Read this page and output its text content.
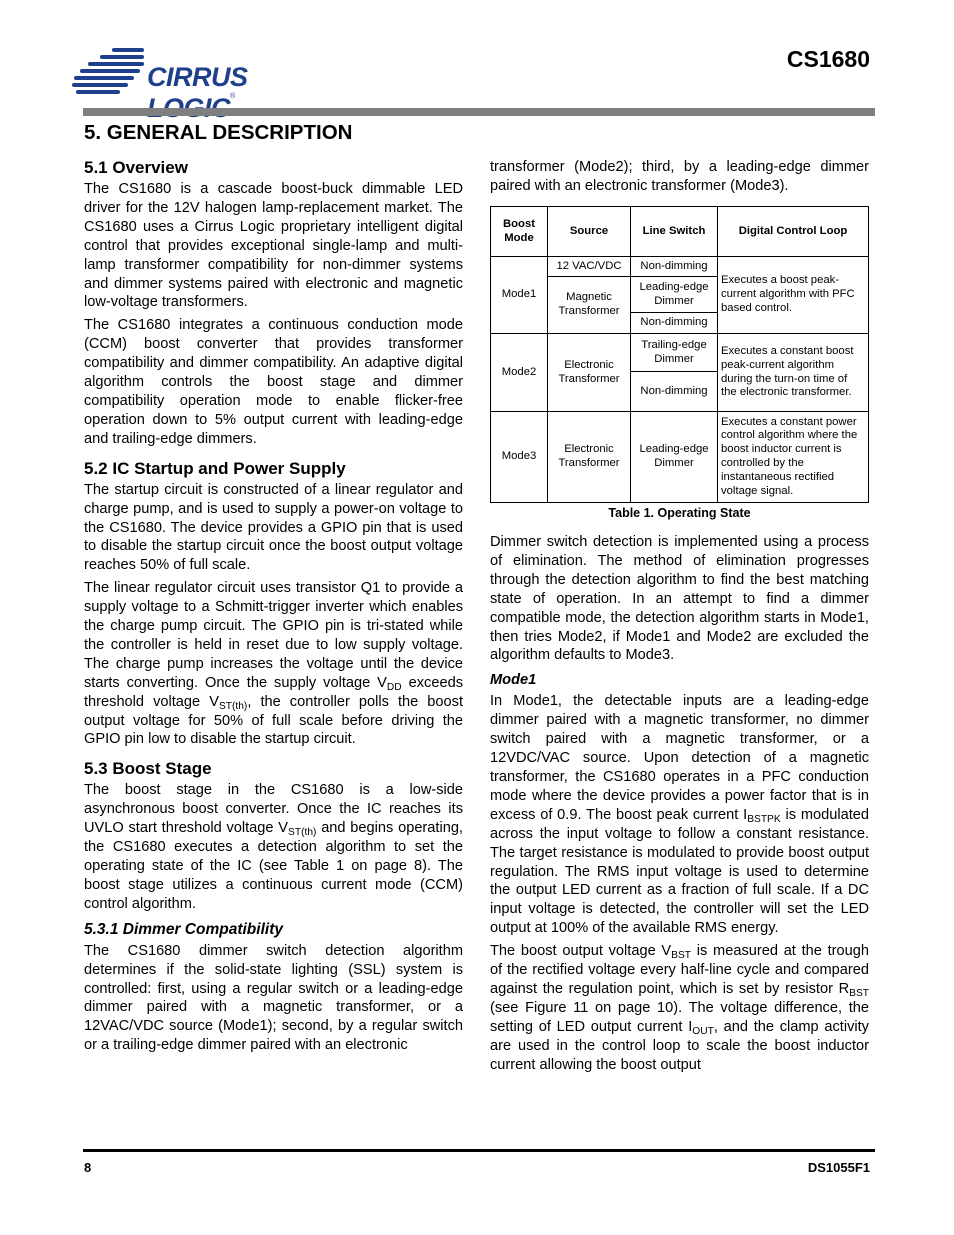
CIRRUS ®
CS1680
5. GENERAL DESCRIPTION
5.1 Overview

The CS1680 is a cascade boost-buck dimmable LED driver for the 12V halogen lamp-replacement market. The CS1680 uses a Cirrus Logic proprietary intelligent digital control that provides exceptional single-lamp and multi-lamp transformer compatibility for non-dimmer systems and dimmer systems paired with electronic and magnetic low-voltage transformers.

The CS1680 integrates a continuous conduction mode (CCM) boost converter that provides transformer compatibility and dimmer compatibility. An adaptive digital algorithm controls the boost stage and dimmer compatibility operation mode to enable flicker-free operation down to 5% output current with leading-edge and trailing-edge dimmers.

5.2 IC Startup and Power Supply

The startup circuit is constructed of a linear regulator and charge pump, and is used to supply a power-on voltage to the CS1680. The device provides a GPIO pin that is used to disable the startup circuit once the boost output voltage reaches 50% of full scale.

The linear regulator circuit uses transistor Q1 to provide a supply voltage to a Schmitt-trigger inverter which enables the charge pump circuit. The GPIO pin is tri-stated while the controller is held in reset due to low supply voltage. The charge pump increases the voltage until the device starts converting. Once the supply voltage $V_{DD}$ exceeds threshold voltage $V_{ST(th)}$, the controller polls the boost output voltage for 50% of full scale before driving the GPIO pin low to disable the startup circuit.

5.3 Boost Stage

The boost stage in the CS1680 is a low-side asynchronous boost converter. Once the IC reaches its UVLO start threshold voltage $V_{ST(th)}$ and begins operating, the CS1680 executes a detection algorithm to set the operating state of the IC (see Table 1 on page 8). The boost stage utilizes a continuous current mode (CCM) control algorithm.

5.3.1 Dimmer Compatibility

The CS1680 dimmer switch detection algorithm determines if the solid-state lighting (SSL) system is controlled: first, using a regular switch or a leading-edge dimmer paired with a magnetic transformer, or a 12VAC/VDC source (Mode1); second, by a regular switch or a trailing-edge dimmer paired with an electronic

Boost Mode	Source	Line Switch	Digital Control Loop
Mode1	12 VAC/VDC	Non-dimming	Executes a boost peak-current algorithm with PFC based control.
	Magnetic Transformer	Leading-edge Dimmer	
		Non-dimming	
Mode2	Electronic Transformer	Trailing-edge Dimmer	Executes a constant boost peak-current algorithm during the turn-on time of the electronic transformer.
		Non-dimming	
Mode3	Electronic Transformer	Leading-edge Dimmer	Executes a constant power control algorithm where the boost inductor current is controlled by the instantaneous rectified voltage signal.
Table 1. Operating State

Dimmer switch detection is implemented using a process of elimination. The method of elimination progresses through the detection algorithm to find the best matching state of operation. In an attempt to find a dimmer compatible mode, the detection algorithm starts in Mode1, then tries Mode2, if Mode1 and Mode2 are excluded the algorithm defaults to Mode3.

Mode1

In Mode1, the detectable inputs are a leading-edge dimmer paired with a magnetic transformer, no dimmer switch paired with a magnetic transformer, or a 12VDC/VAC source. Upon detection of a magnetic transformer, the CS1680 operates in a PFC conduction mode where the device provides a power factor that is in excess of 0.9. The boost peak current $I_{BSTPK}$ is modulated across the input voltage to follow a constant resistance. The target resistance is modulated to provide boost output regulation. The RMS input voltage is used to determine the output LED current as a fraction of full scale. If a DC input voltage is detected, the controller will set the LED output at 100% of the available RMS energy.

The boost output voltage $V_{BST}$ is measured at the trough of the rectified voltage every half-line cycle and compared against the regulation point, which is set by resistor $R_{BST}$ (see Figure 11 on page 10). The voltage difference, the setting of LED output current $I_{OUT}$, and the clamp activity are used in the control loop to scale the boost inductor current allowing the boost output

transformer (Mode2); third, by a leading-edge dimmer paired with an electronic transformer (Mode3).

8	DS1055F1
